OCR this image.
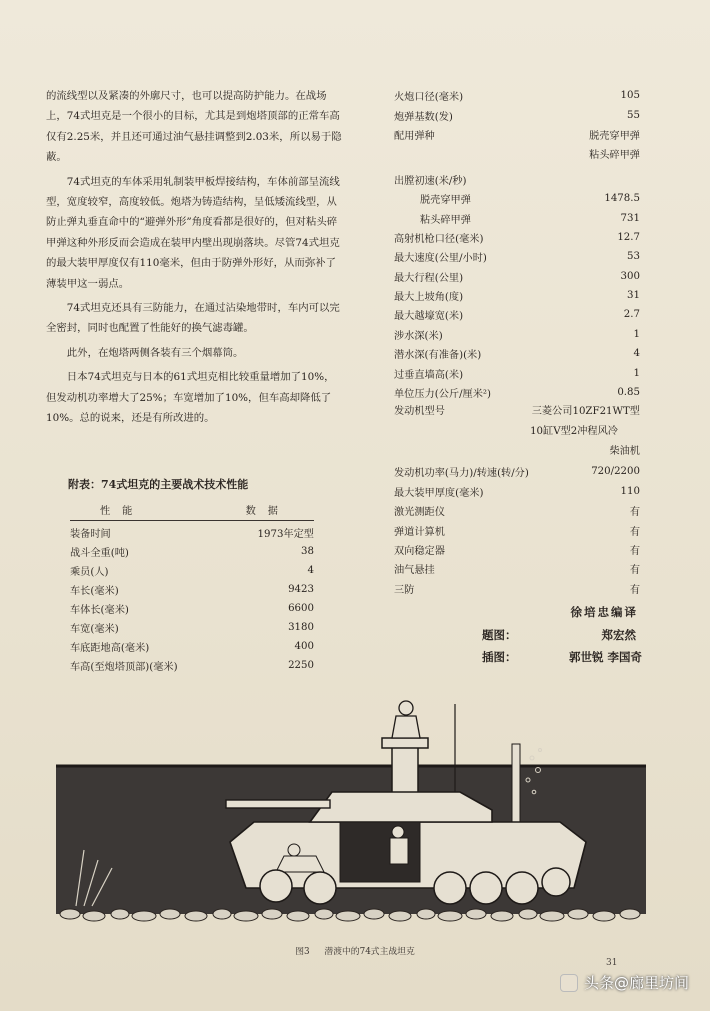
的流线型以及紧凑的外廓尺寸，也可以提高防护能力。在战场上，74式坦克是一个很小的目标，尤其是到炮塔顶部的正常车高仅有2.25米，并且还可通过油气悬挂调整到2.03米，所以易于隐蔽。

74式坦克的车体采用轧制装甲板焊接结构，车体前部呈流线型，宽度较窄，高度较低。炮塔为铸造结构，呈低矮流线型，从防止弹丸垂直命中的“避弹外形”角度看都是很好的，但对粘头碎甲弹这种外形反而会造成在装甲内壁出现崩落块。尽管74式坦克的最大装甲厚度仅有110毫米，但由于防弹外形好，从而弥补了薄装甲这一弱点。

74式坦克还具有三防能力，在通过沾染地带时，车内可以完全密封，同时也配置了性能好的换气滤毒罐。

此外，在炮塔两侧各装有三个烟幕筒。

日本74式坦克与日本的61式坦克相比较重量增加了10%，但发动机功率增大了25%；车宽增加了10%，但车高却降低了10%。总的说来，还是有所改进的。

附表：74式坦克的主要战术技术性能
性能	数据
装备时间	1973年定型
战斗全重(吨)	38
乘员(人)	4
车长(毫米)	9423
车体长(毫米)	6600
车宽(毫米)	3180
车底距地高(毫米)	400
车高(至炮塔顶部)(毫米)	2250
火炮口径(毫米)	105
炮弹基数(发)	55
配用弹种	脱壳穿甲弹
粘头碎甲弹
出膛初速(米/秒)
脱壳穿甲弹	1478.5
粘头碎甲弹	731
高射机枪口径(毫米)	12.7
最大速度(公里/小时)	53
最大行程(公里)	300
最大上坡角(度)	31
最大越壕宽(米)	2.7
涉水深(米)	1
潜水深(有准备)(米)	4
过垂直墙高(米)	1
单位压力(公斤/厘米²)	0.85
发动机型号	三菱公司10ZF21WT型
10缸V型2冲程风冷
柴油机
发动机功率(马力)/转速(转/分)	720/2200
最大装甲厚度(毫米)	110
激光测距仪	有
弹道计算机	有
双向稳定器	有
油气悬挂	有
三防	有
徐培忠编译
题图：	郑宏然
插图：	郭世锐 李国奇
图3 潜渡中的74式主战坦克
31
头条@廊里坊间
